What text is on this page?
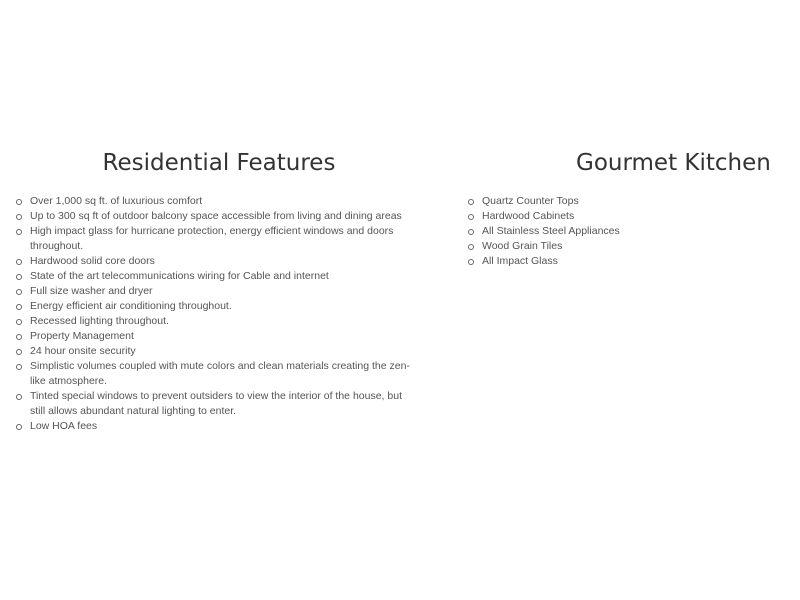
Residential Features
Over 1,000 sq ft. of luxurious comfort
Up to 300 sq ft of outdoor balcony space accessible from living and dining areas
High impact glass for hurricane protection, energy efficient windows and doors throughout.
Hardwood solid core doors
State of the art telecommunications wiring for Cable and internet
Full size washer and dryer
Energy efficient air conditioning throughout.
Recessed lighting throughout.
Property Management
24 hour onsite security
Simplistic volumes coupled with mute colors and clean materials creating the zen-like atmosphere.
Tinted special windows to prevent outsiders to view the interior of the house, but still allows abundant natural lighting to enter.
Low HOA fees
Gourmet Kitchen
Quartz Counter Tops
Hardwood Cabinets
All Stainless Steel Appliances
Wood Grain Tiles
All Impact Glass
